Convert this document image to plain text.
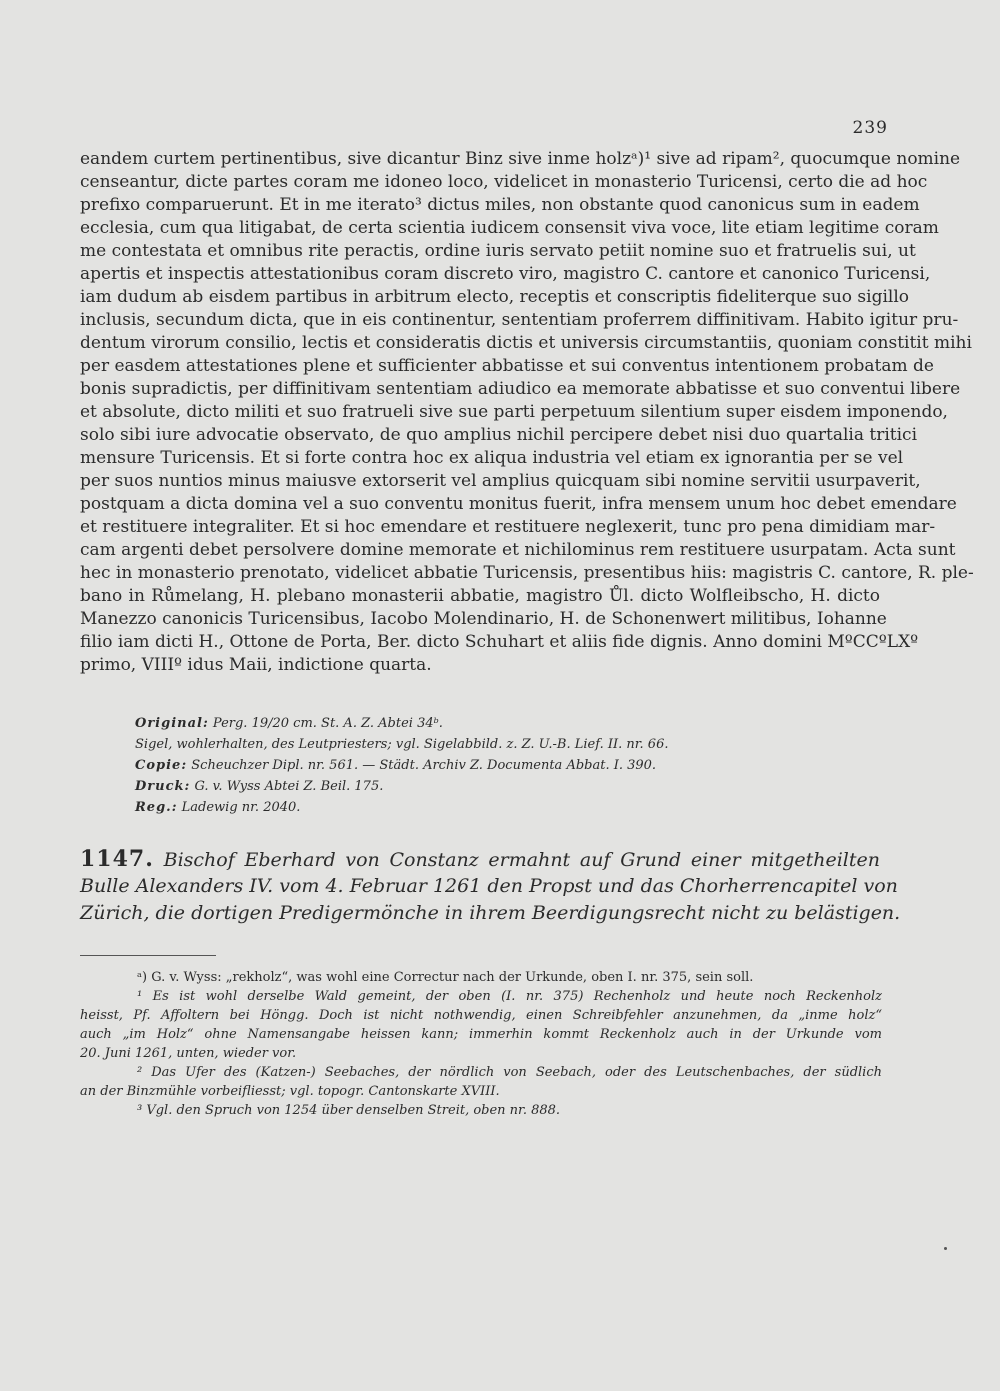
239
eandem curtem pertinentibus, sive dicantur Binz sive inme holzᵃ)¹ sive ad ripam², quocumque nomine
censeantur, dicte partes coram me idoneo loco, videlicet in monasterio Turicensi, certo die ad hoc
prefixo comparuerunt. Et in me iterato³ dictus miles, non obstante quod canonicus sum in eadem
ecclesia, cum qua litigabat, de certa scientia iudicem consensit viva voce, lite etiam legitime coram
me contestata et omnibus rite peractis, ordine iuris servato petiit nomine suo et fratruelis sui, ut
apertis et inspectis attestationibus coram discreto viro, magistro C. cantore et canonico Turicensi,
iam dudum ab eisdem partibus in arbitrum electo, receptis et conscriptis fideliterque suo sigillo
inclusis, secundum dicta, que in eis continentur, sententiam proferrem diffinitivam. Habito igitur pru-
dentum virorum consilio, lectis et consideratis dictis et universis circumstantiis, quoniam constitit mihi
per easdem attestationes plene et sufficienter abbatisse et sui conventus intentionem probatam de
bonis supradictis, per diffinitivam sententiam adiudico ea memorate abbatisse et suo conventui libere
et absolute, dicto militi et suo fratrueli sive sue parti perpetuum silentium super eisdem imponendo,
solo sibi iure advocatie observato, de quo amplius nichil percipere debet nisi duo quartalia tritici
mensure Turicensis. Et si forte contra hoc ex aliqua industria vel etiam ex ignorantia per se vel
per suos nuntios minus maiusve extorserit vel amplius quicquam sibi nomine servitii usurpaverit,
postquam a dicta domina vel a suo conventu monitus fuerit, infra mensem unum hoc debet emendare
et restituere integraliter. Et si hoc emendare et restituere neglexerit, tunc pro pena dimidiam mar-
cam argenti debet persolvere domine memorate et nichilominus rem restituere usurpatam. Acta sunt
hec in monasterio prenotato, videlicet abbatie Turicensis, presentibus hiis: magistris C. cantore, R. ple-
bano in Růmelang, H. plebano monasterii abbatie, magistro Ůl. dicto Wolfleibscho, H. dicto
Manezzo canonicis Turicensibus, Iacobo Molendinario, H. de Schonenwert militibus, Iohanne
filio iam dicti H., Ottone de Porta, Ber. dicto Schuhart et aliis fide dignis. Anno domini MºCCºLXº
primo, VIIIº idus Maii, indictione quarta.
Original: Perg. 19/20 cm. St. A. Z. Abtei 34ᵇ.
Sigel, wohlerhalten, des Leutpriesters; vgl. Sigelabbild. z. Z. U.-B. Lief. II. nr. 66.
Copie: Scheuchzer Dipl. nr. 561. — Städt. Archiv Z. Documenta Abbat. I. 390.
Druck: G. v. Wyss Abtei Z. Beil. 175.
Reg.: Ladewig nr. 2040.
1147. Bischof Eberhard von Constanz ermahnt auf Grund einer mitgetheilten
Bulle Alexanders IV. vom 4. Februar 1261 den Propst und das Chorherrencapitel von
Zürich, die dortigen Predigermönche in ihrem Beerdigungsrecht nicht zu belästigen.
ᵃ) G. v. Wyss: „rekholz“, was wohl eine Correctur nach der Urkunde, oben I. nr. 375, sein soll.
¹ Es ist wohl derselbe Wald gemeint, der oben (I. nr. 375) Rechenholz und heute noch Reckenholz
heisst, Pf. Affoltern bei Höngg. Doch ist nicht nothwendig, einen Schreibfehler anzunehmen, da „inme holz“
auch „im Holz“ ohne Namensangabe heissen kann; immerhin kommt Reckenholz auch in der Urkunde vom
20. Juni 1261, unten, wieder vor.
² Das Ufer des (Katzen-) Seebaches, der nördlich von Seebach, oder des Leutschenbaches, der südlich
an der Binzmühle vorbeifliesst; vgl. topogr. Cantonskarte XVIII.
³ Vgl. den Spruch von 1254 über denselben Streit, oben nr. 888.
